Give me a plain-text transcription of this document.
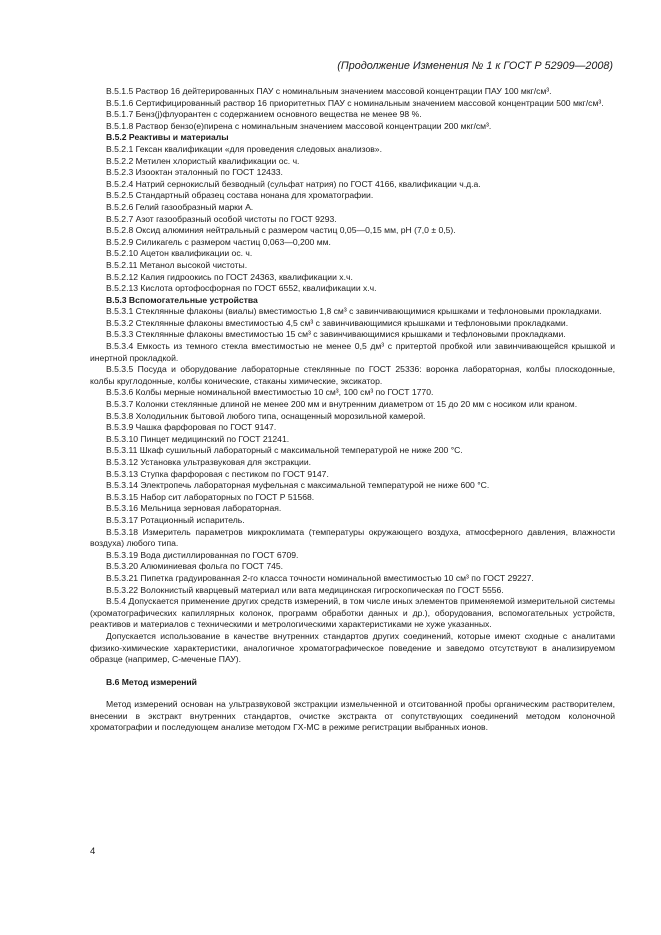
(Продолжение Изменения № 1 к ГОСТ Р 52909—2008)

В.5.1.5 Раствор 16 дейтерированных ПАУ с номинальным значением массовой концентрации ПАУ 100 мкг/см³.

В.5.1.6 Сертифицированный раствор 16 приоритетных ПАУ с номинальным значением массовой концентрации 500 мкг/см³.

В.5.1.7 Бенз(j)флуорантен с содержанием основного вещества не менее 98 %.

В.5.1.8 Раствор бензо(е)пирена с номинальным значением массовой концентрации 200 мкг/см³.

В.5.2 Реактивы и материалы

В.5.2.1 Гексан квалификации «для проведения следовых анализов».

В.5.2.2 Метилен хлористый квалификации ос. ч.

В.5.2.3 Изооктан эталонный по ГОСТ 12433.

В.5.2.4 Натрий сернокислый безводный (сульфат натрия) по ГОСТ 4166, квалификации ч.д.а.

В.5.2.5 Стандартный образец состава нонана для хроматографии.

В.5.2.6 Гелий газообразный марки А.

В.5.2.7 Азот газообразный особой чистоты по ГОСТ 9293.

В.5.2.8 Оксид алюминия нейтральный с размером частиц 0,05—0,15 мм, рН (7,0 ± 0,5).

В.5.2.9 Силикагель с размером частиц 0,063—0,200 мм.

В.5.2.10 Ацетон квалификации ос. ч.

В.5.2.11 Метанол высокой чистоты.

В.5.2.12 Калия гидроокись по ГОСТ 24363, квалификации х.ч.

В.5.2.13 Кислота ортофосфорная по ГОСТ 6552, квалификации х.ч.

В.5.3 Вспомогательные устройства

В.5.3.1 Стеклянные флаконы (виалы) вместимостью 1,8 см³ с завинчивающимися крышками и тефлоновыми прокладками.

В.5.3.2 Стеклянные флаконы вместимостью 4,5 см³ с завинчивающимися крышками и тефлоновыми прокладками.

В.5.3.3 Стеклянные флаконы вместимостью 15 см³ с завинчивающимися крышками и тефлоновыми прокладками.

В.5.3.4 Емкость из темного стекла вместимостью не менее 0,5 дм³ с притертой пробкой или завинчивающейся крышкой и инертной прокладкой.

В.5.3.5 Посуда и оборудование лабораторные стеклянные по ГОСТ 25336: воронка лабораторная, колбы плоскодонные, колбы круглодонные, колбы конические, стаканы химические, эксикатор.

В.5.3.6 Колбы мерные номинальной вместимостью 10 см³, 100 см³ по ГОСТ 1770.

В.5.3.7 Колонки стеклянные длиной не менее 200 мм и внутренним диаметром от 15 до 20 мм с носиком или краном.

В.5.3.8 Холодильник бытовой любого типа, оснащенный морозильной камерой.

В.5.3.9 Чашка фарфоровая по ГОСТ 9147.

В.5.3.10 Пинцет медицинский по ГОСТ 21241.

В.5.3.11 Шкаф сушильный лабораторный с максимальной температурой не ниже 200 °С.

В.5.3.12 Установка ультразвуковая для экстракции.

В.5.3.13 Ступка фарфоровая с пестиком по ГОСТ 9147.

В.5.3.14 Электропечь лабораторная муфельная с максимальной температурой не ниже 600 °С.

В.5.3.15 Набор сит лабораторных по ГОСТ Р 51568.

В.5.3.16 Мельница зерновая лабораторная.

В.5.3.17 Ротационный испаритель.

В.5.3.18 Измеритель параметров микроклимата (температуры окружающего воздуха, атмосферного давления, влажности воздуха) любого типа.

В.5.3.19 Вода дистиллированная по ГОСТ 6709.

В.5.3.20 Алюминиевая фольга по ГОСТ 745.

В.5.3.21 Пипетка градуированная 2-го класса точности номинальной вместимостью 10 см³ по ГОСТ 29227.

В.5.3.22 Волокнистый кварцевый материал или вата медицинская гигроскопическая по ГОСТ 5556.

В.5.4 Допускается применение других средств измерений, в том числе иных элементов применяемой измерительной системы (хроматографических капиллярных колонок, программ обработки данных и др.), оборудования, вспомогательных устройств, реактивов и материалов с техническими и метрологическими характеристиками не хуже указанных.

Допускается использование в качестве внутренних стандартов других соединений, которые имеют сходные с аналитами физико-химические характеристики, аналогичное хроматографическое поведение и заведомо отсутствуют в анализируемом образце (например, С-меченые ПАУ).

В.6 Метод измерений

Метод измерений основан на ультразвуковой экстракции измельченной и отситованной пробы органическим растворителем, внесении в экстракт внутренних стандартов, очистке экстракта от сопутствующих соединений методом колоночной хроматографии и последующем анализе методом ГХ-МС в режиме регистрации выбранных ионов.

4
